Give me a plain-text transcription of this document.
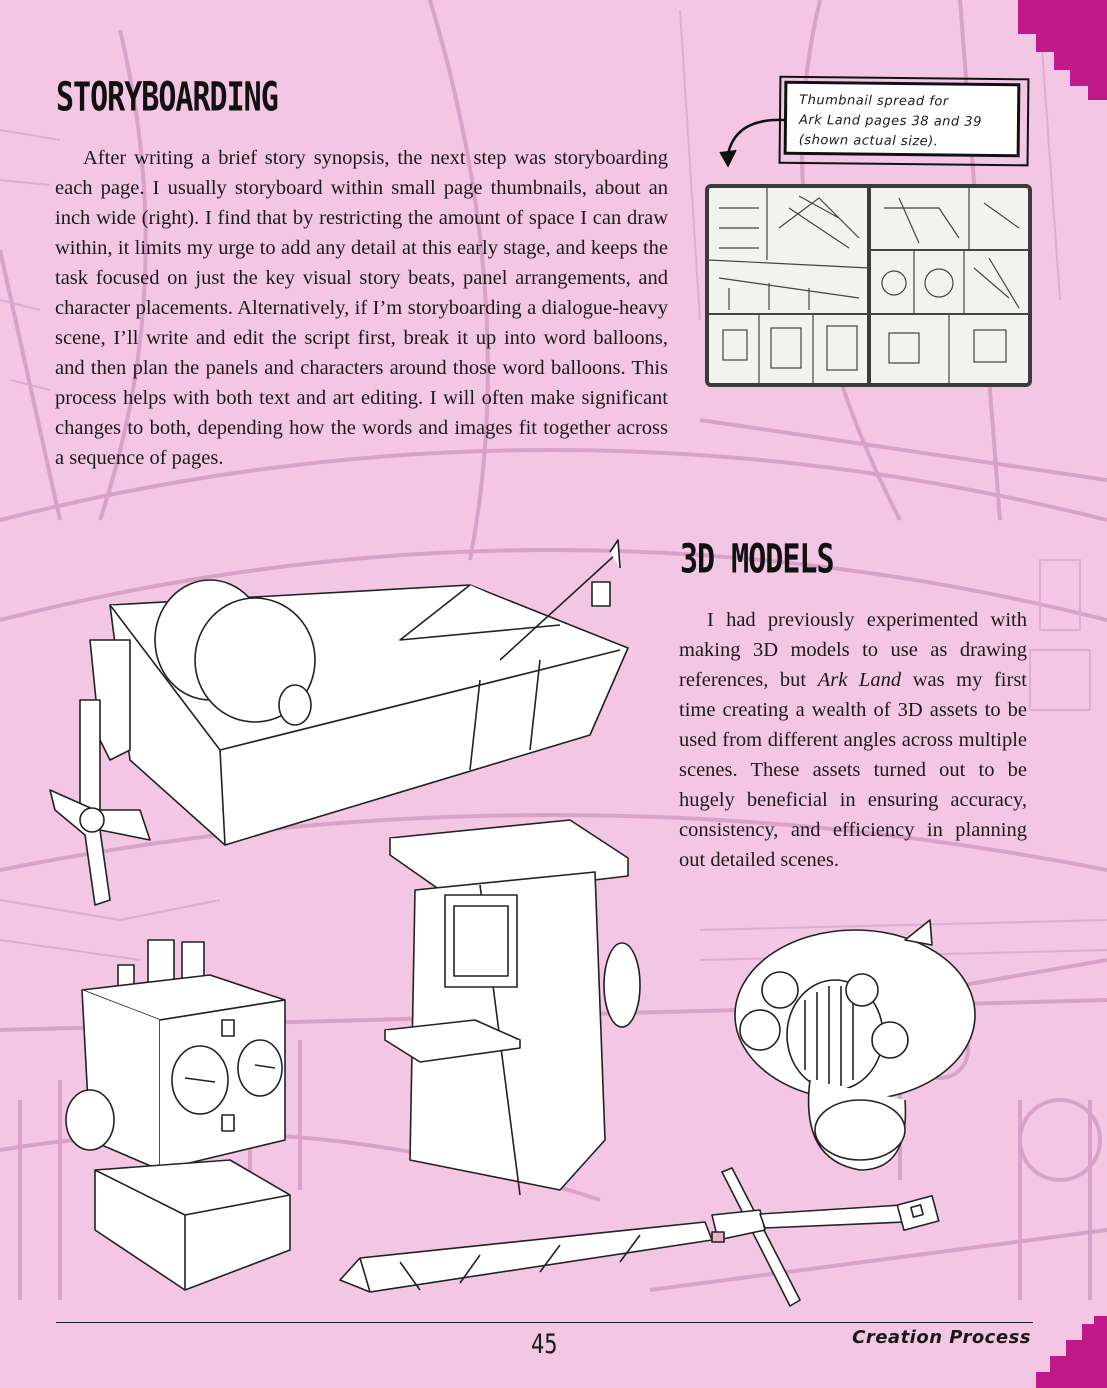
STORYBOARDING

After writing a brief story synopsis, the next step was storyboarding each page. I usually storyboard within small page thumbnails, about an inch wide (right). I find that by restricting the amount of space I can draw within, it limits my urge to add any detail at this early stage, and keeps the task focused on just the key visual story beats, panel arrangements, and character placements. Alternatively, if I’m storyboarding a dialogue-heavy scene, I’ll write and edit the script first, break it up into word balloons, and then plan the panels and characters around those word balloons. This process helps with both text and art editing. I will often make significant changes to both, depending how the words and images fit together across a sequence of pages.

Thumbnail spread for
Ark Land pages 38 and 39
(shown actual size).
3D MODELS

I had previously experimented with making 3D models to use as drawing references, but Ark Land was my first time creating a wealth of 3D assets to be used from different angles across multiple scenes. These assets turned out to be hugely beneficial in ensuring accuracy, consistency, and efficiency in planning out detailed scenes.

45	Creation Process
